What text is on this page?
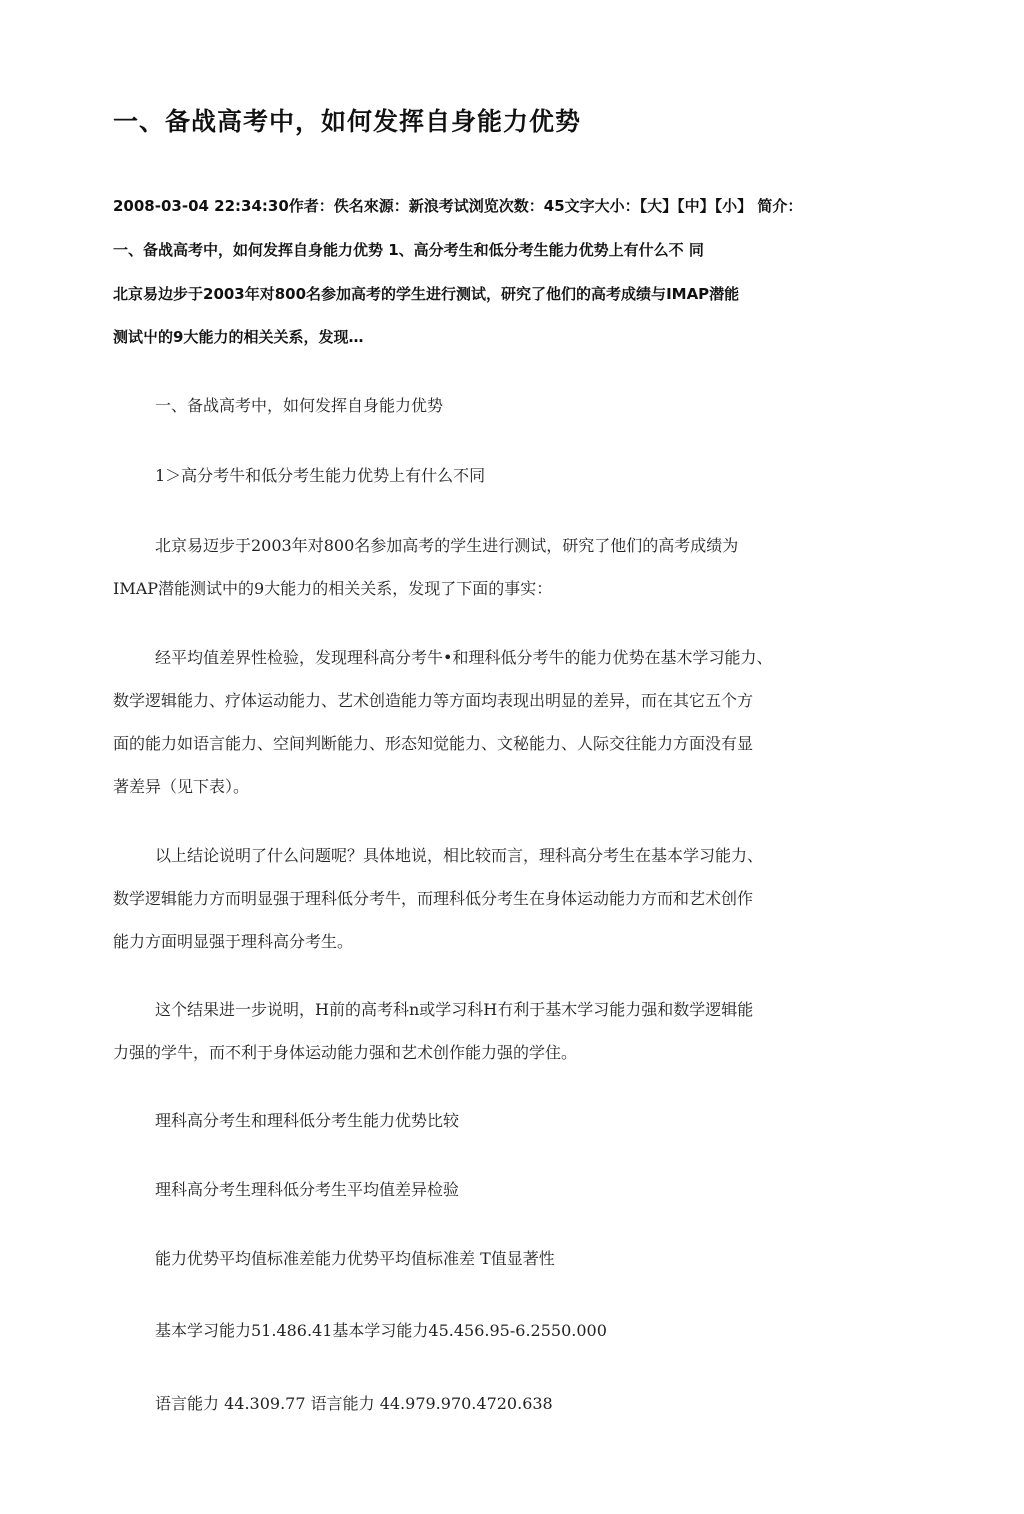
一、备战高考中，如何发挥自身能力优势
2008-03-04 22:34:30作者：佚名來源：新浪考试浏览次数：45文字大小：【大】【中】【小】 简介：
一、备战高考中，如何发挥自身能力优势 1、高分考生和低分考生能力优势上有什么不 同
北京易边步于2003年对800名参加高考的学生进行测试，研究了他们的高考成绩与IMAP潜能
测试屮的9大能力的相关关系，发现…
一、备战高考中，如何发挥自身能力优势
1＞高分考牛和低分考生能力优势上有什么不同
北京易迈步于2003年对800名参加高考的学生进行测试，研究了他们的高考成绩为
IMAP潜能测试中的9大能力的相关关系，发现了下面的事实：
经平均值差界性检验，发现理科高分考牛•和理科低分考牛的能力优势在基木学习能力、
数学逻辑能力、疗体运动能力、艺术创造能力等方面均表现出明显的差异，而在其它五个方
面的能力如语言能力、空间判断能力、形态知觉能力、文秘能力、人际交往能力方面没有显
著差异（见下表）。
以上结论说明了什么问题呢？具体地说，相比较而言，理科高分考生在基本学习能力、
数学逻辑能力方而明显强于理科低分考牛，而理科低分考生在身体运动能力方而和艺术创作
能力方面明显强于理科高分考生。
这个结果进一步说明，H前的高考科n或学习科H冇利于基木学习能力强和数学逻辑能
力强的学牛，而不利于身体运动能力强和艺术创作能力强的学住。
理科高分考生和理科低分考生能力优势比较
理科高分考生理科低分考生平均值差异检验
能力优势平均值标准差能力优势平均值标准差 T值显著性
基本学习能力51.486.41基本学习能力45.456.95-6.2550.000
语言能力 44.309.77 语言能力 44.979.970.4720.638
